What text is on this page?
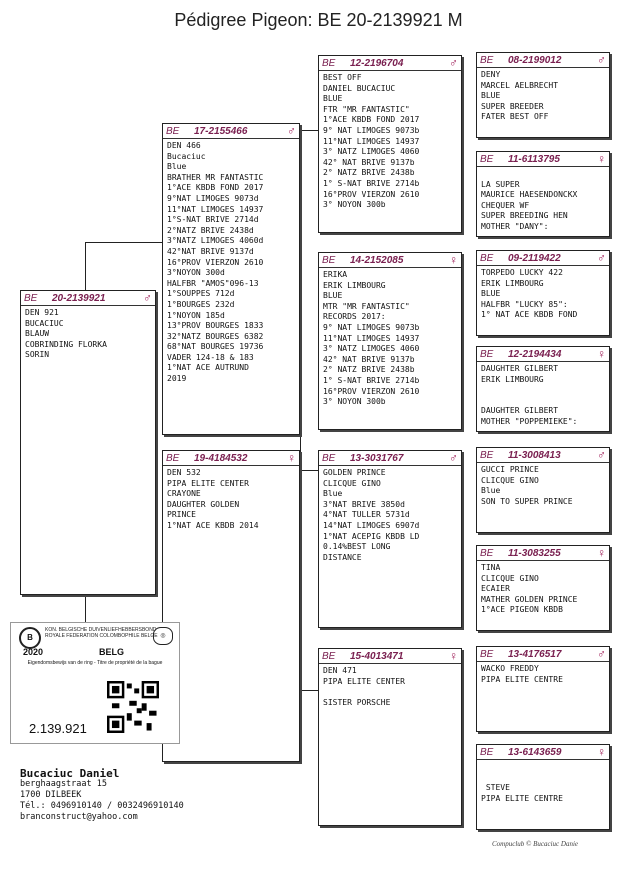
Pédigree Pigeon: BE 20-2139921 M
BE	20-2139921	♂
DEN 921
BUCACIUC
BLAUW
COBRINDING FLORKA
SORIN
BE	17-2155466	♂
DEN 466
Bucaciuc
Blue
BRATHER MR FANTASTIC
1°ACE KBDB FOND 2017
9°NAT LIMOGES 9073d
11°NAT LIMOGES 14937
1°S-NAT BRIVE 2714d
2°NATZ BRIVE 2438d
3°NATZ LIMOGES 4060d
42°NAT BRIVE 9137d
16°PROV VIERZON 2610
3°NOYON 300d
HALFBR "AMOS"096-13
1°SOUPPES 712d
1°BOURGES 232d
1°NOYON 185d
13°PROV BOURGES 1833
32°NATZ BOURGES 6382
68°NAT BOURGES 19736
VADER 124-18 & 183
1°NAT ACE AUTRUND
2019
BE	19-4184532	♀
DEN 532
PIPA ELITE CENTER
CRAYONE
DAUGHTER GOLDEN
PRINCE
1°NAT ACE KBDB 2014
BE	12-2196704	♂
BEST OFF
DANIEL BUCACIUC
BLUE
FTR "MR FANTASTIC"
1°ACE KBDB FOND 2017
9° NAT LIMOGES 9073b
11°NAT LIMOGES 14937
3° NATZ LIMOGES 4060
42° NAT BRIVE 9137b
2° NATZ BRIVE 2438b
1° S-NAT BRIVE 2714b
16°PROV VIERZON 2610
3° NOYON 300b
BE	14-2152085	♀
ERIKA
ERIK LIMBOURG
BLUE
MTR "MR FANTASTIC"
RECORDS 2017:
9° NAT LIMOGES 9073b
11°NAT LIMOGES 14937
3° NATZ LIMOGES 4060
42° NAT BRIVE 9137b
2° NATZ BRIVE 2438b
1° S-NAT BRIVE 2714b
16°PROV VIERZON 2610
3° NOYON 300b
BE	13-3031767	♂
GOLDEN PRINCE
CLICQUE GINO
Blue
3°NAT BRIVE 3850d
4°NAT TULLER 5731d
14°NAT LIMOGES 6907d
1°NAT ACEPIG KBDB LD
0.14%BEST LONG
DISTANCE
BE	15-4013471	♀
DEN 471
PIPA ELITE CENTER

SISTER PORSCHE
BE	08-2199012	♂
DENY
MARCEL AELBRECHT
BLUE
SUPER BREEDER
FATER BEST OFF
BE	11-6113795	♀

LA SUPER
MAURICE HAESENDONCKX
CHEQUER WF
SUPER BREEDING HEN
MOTHER "DANY":
BE	09-2119422	♂
TORPEDO LUCKY 422
ERIK LIMBOURG
BLUE
HALFBR "LUCKY 85":
1° NAT ACE KBDB FOND
BE	12-2194434	♀
DAUGHTER GILBERT
ERIK LIMBOURG

DAUGHTER GILBERT
MOTHER "POPPEMIEKE":
BE	11-3008413	♂
GUCCI PRINCE
CLICQUE GINO
Blue
SON TO SUPER PRINCE
BE	11-3083255	♀
TINA
CLICQUE GINO
ECAIER
MATHER GOLDEN PRINCE
1°ACE PIGEON KBDB
BE	13-4176517	♂
WACKO FREDDY
PIPA ELITE CENTRE
BE	13-6143659	♀

STEVE
PIPA ELITE CENTRE
B
KON. BELGISCHE DUIVENLIEFHEBBERSBOND
ROYALE FEDERATION COLOMBOPHILE BELGE ◎
2020	BELG
Eigendomsbewijs van de ring - Titre de propriété de la bague
2.139.921
Bucaciuc Daniel
berghaagstraat 15
1700 DILBEEK
Tél.: 0496910140 / 0032496910140
branconstruct@yahoo.com
Compuclub © Bucaciuc Danie
